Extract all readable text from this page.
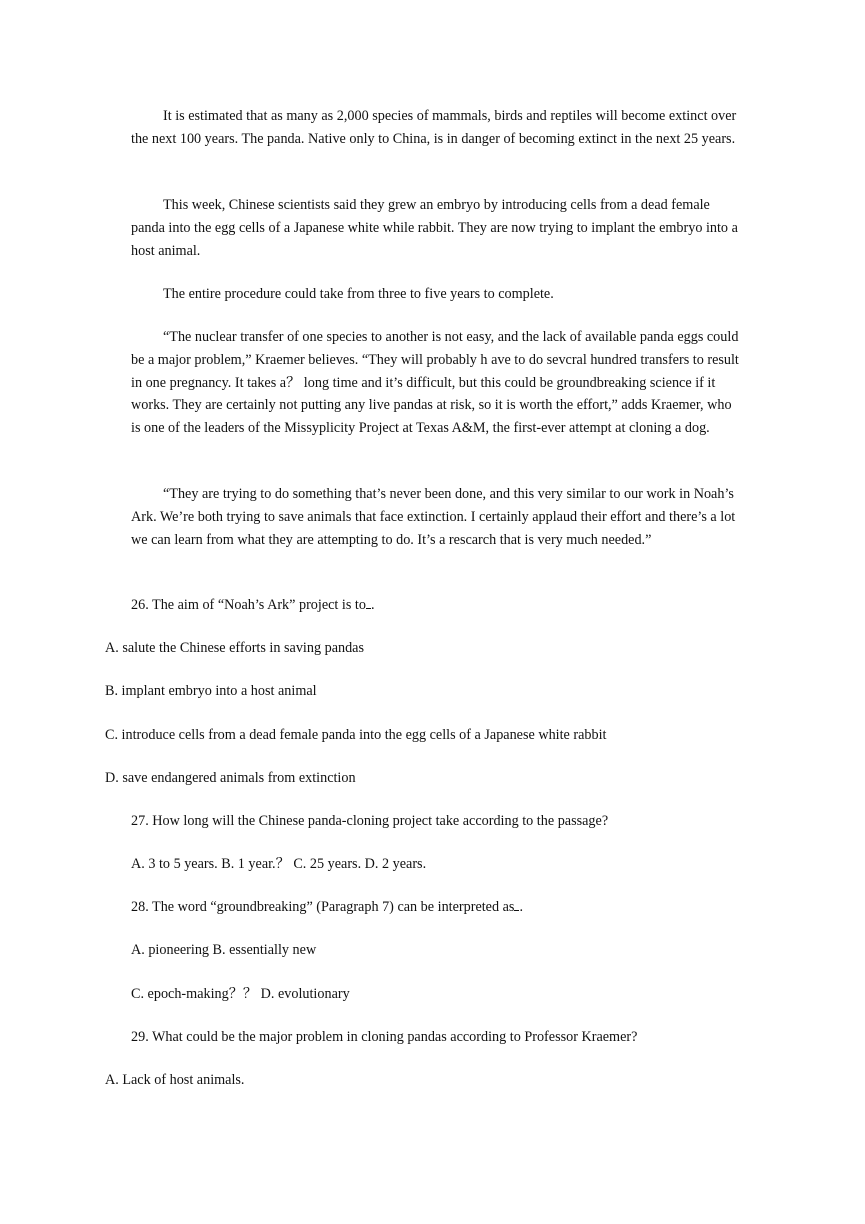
It is estimated that as many as 2,000 species of mammals, birds and reptiles will become extinct over the next 100 years. The panda. Native only to China, is in danger of becoming extinct in the next 25 years.

This week, Chinese scientists said they grew an embryo by introducing cells from a dead female panda into the egg cells of a Japanese white while rabbit. They are now trying to implant the embryo into a host animal.

The entire procedure could take from three to five years to complete.

“The nuclear transfer of one species to another is not easy, and the lack of available panda eggs could be a major problem,” Kraemer believes. “They will probably h ave to do sevcral hundred transfers to result in one pregnancy. It takes a？ long time and it’s difficult, but this could be groundbreaking science if it works. They are certainly not putting any live pandas at risk, so it is worth the effort,” adds Kraemer, who is one of the leaders of the Missyplicity Project at Texas A&M, the first-ever attempt at cloning a dog.

“They are trying to do something that’s never been done, and this very similar to our work in Noah’s Ark. We’re both trying to save animals that face extinction. I certainly applaud their effort and there’s a lot we can learn from what they are attempting to do. It’s a rescarch that is very much needed.”

26. The aim of “Noah’s Ark” project is to .

A. salute the Chinese efforts in saving pandas

B. implant embryo into a host animal

C. introduce cells from a dead female panda into the egg cells of a Japanese white rabbit

D. save endangered animals from extinction

27. How long will the Chinese panda-cloning project take according to the passage?

A. 3 to 5 years. B. 1 year.？ C. 25 years. D. 2 years.

28. The word “groundbreaking” (Paragraph 7) can be interpreted as .

A. pioneering B. essentially new

C. epoch-making？？ D. evolutionary

29. What could be the major problem in cloning pandas according to Professor Kraemer?

A. Lack of host animals.
